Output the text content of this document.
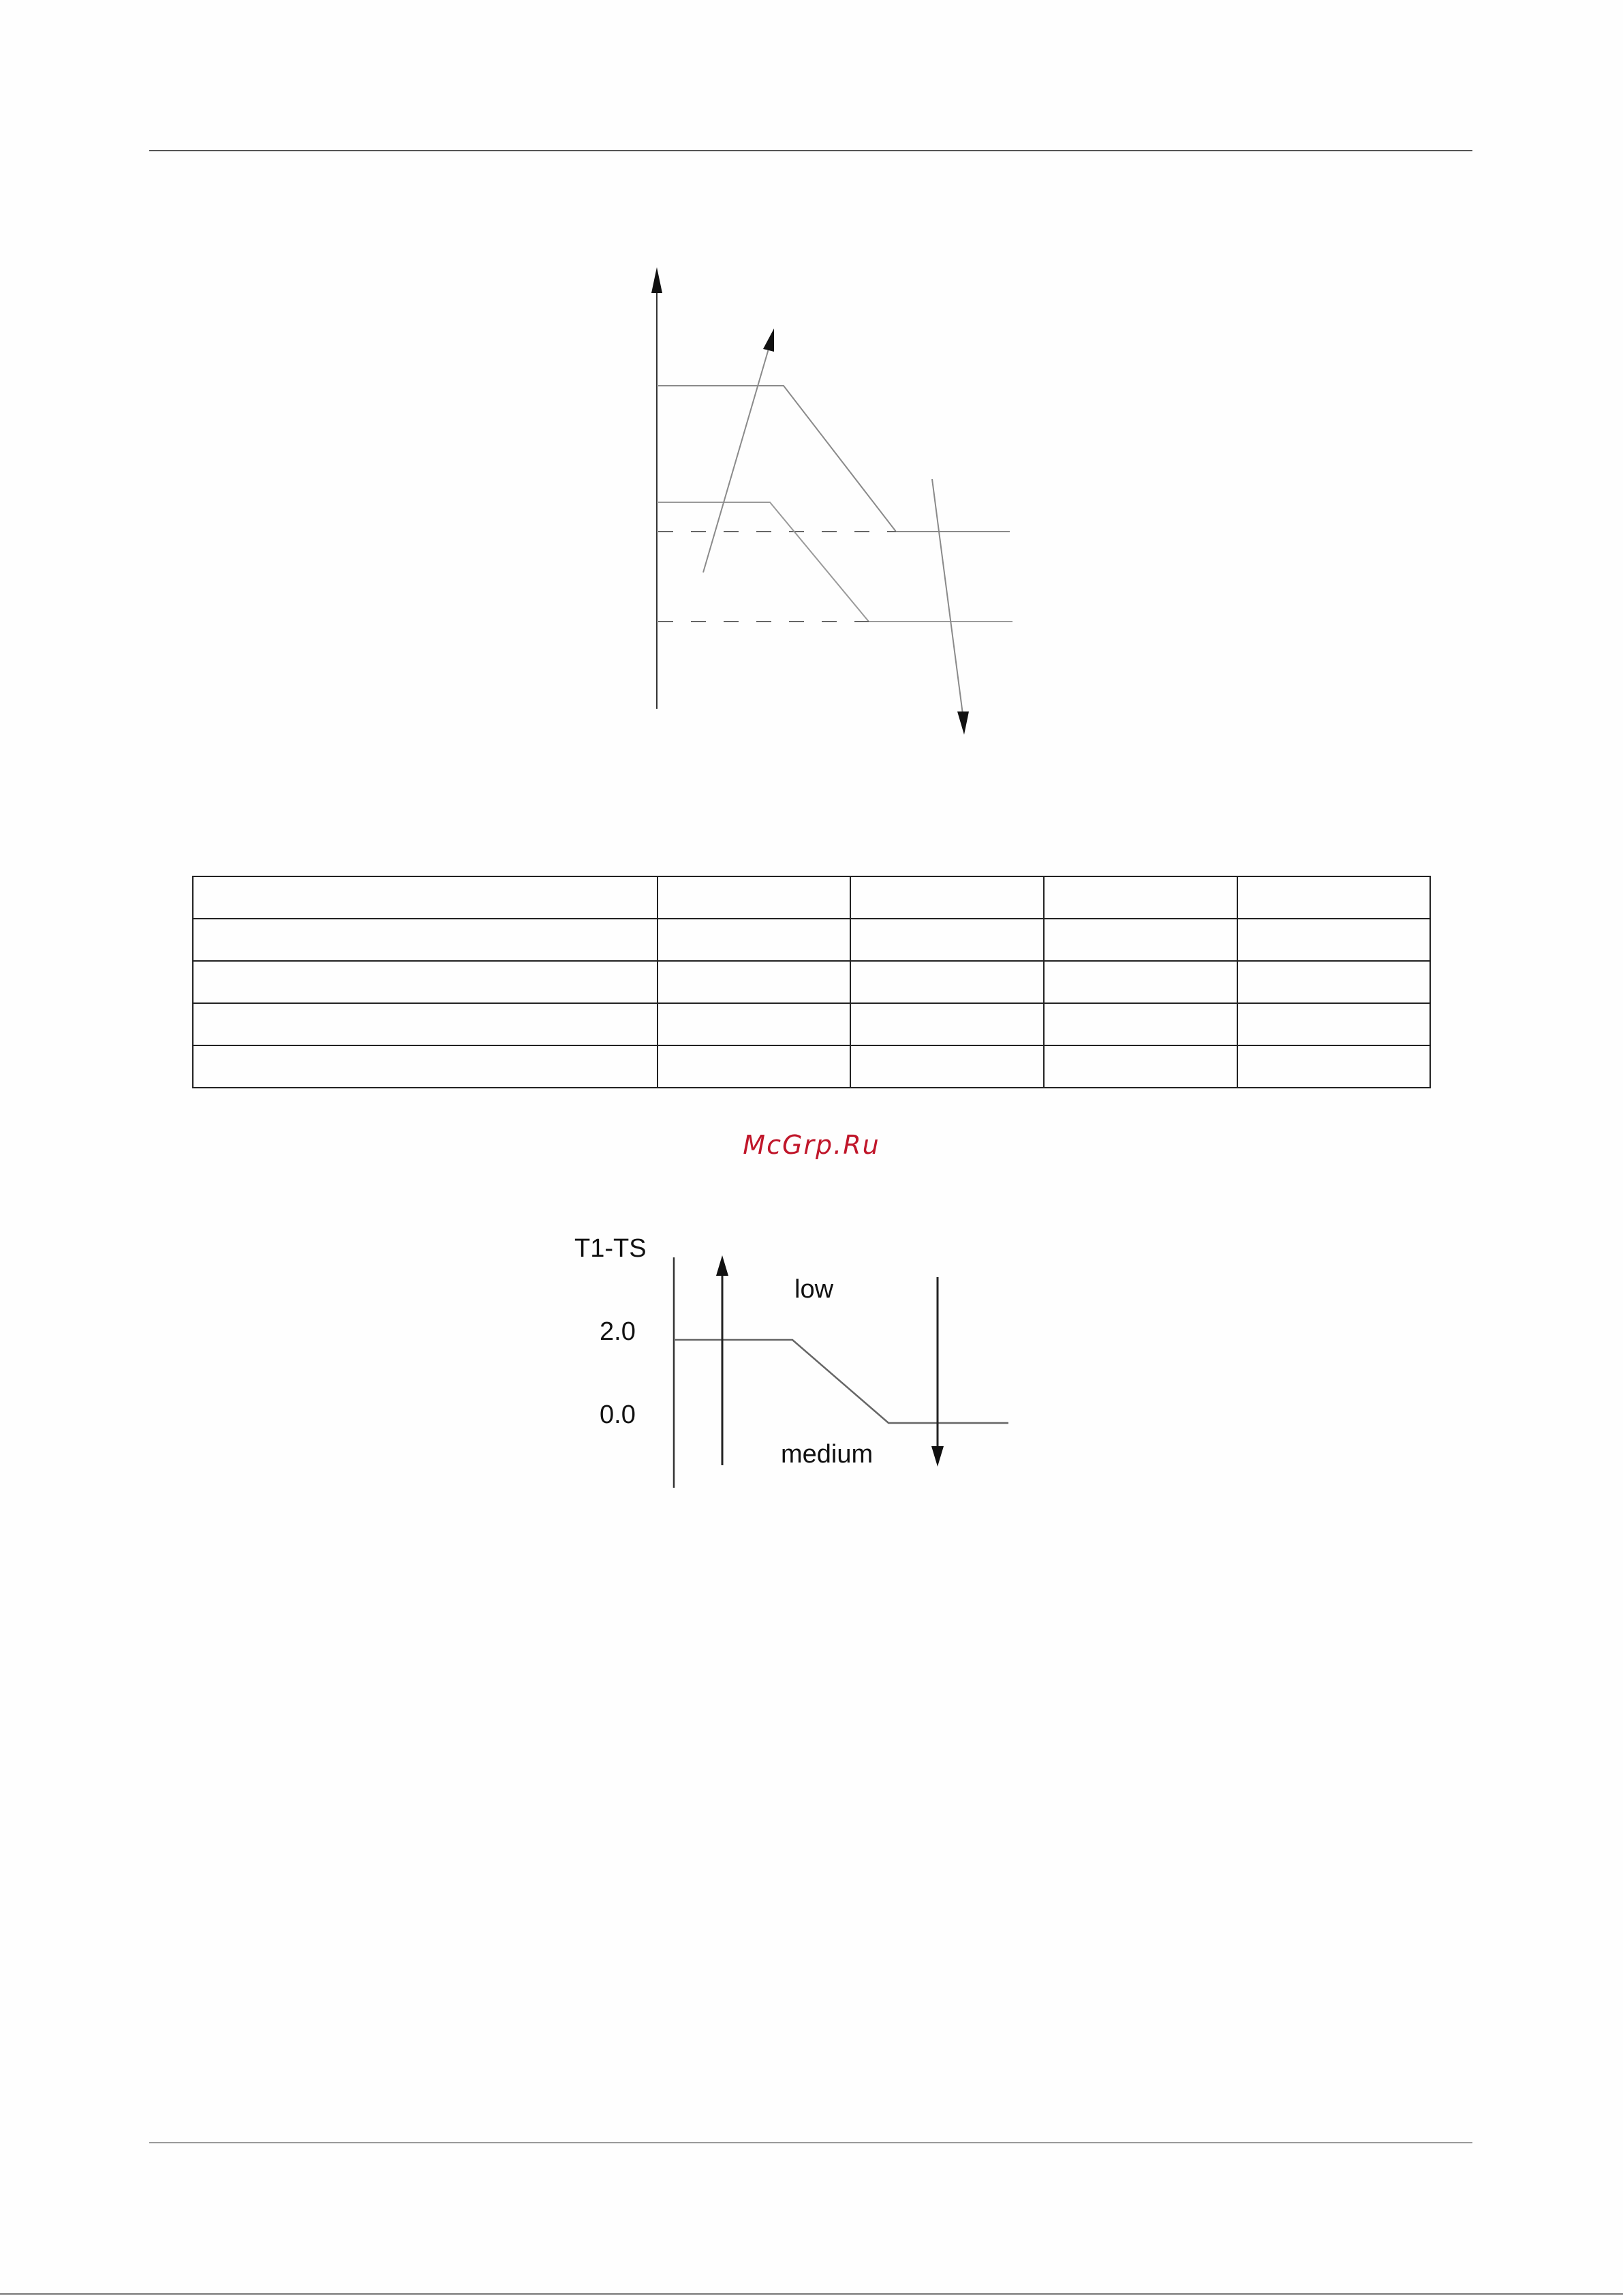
McGrp.Ru
T1-TS
2.0
0.0
low
medium
